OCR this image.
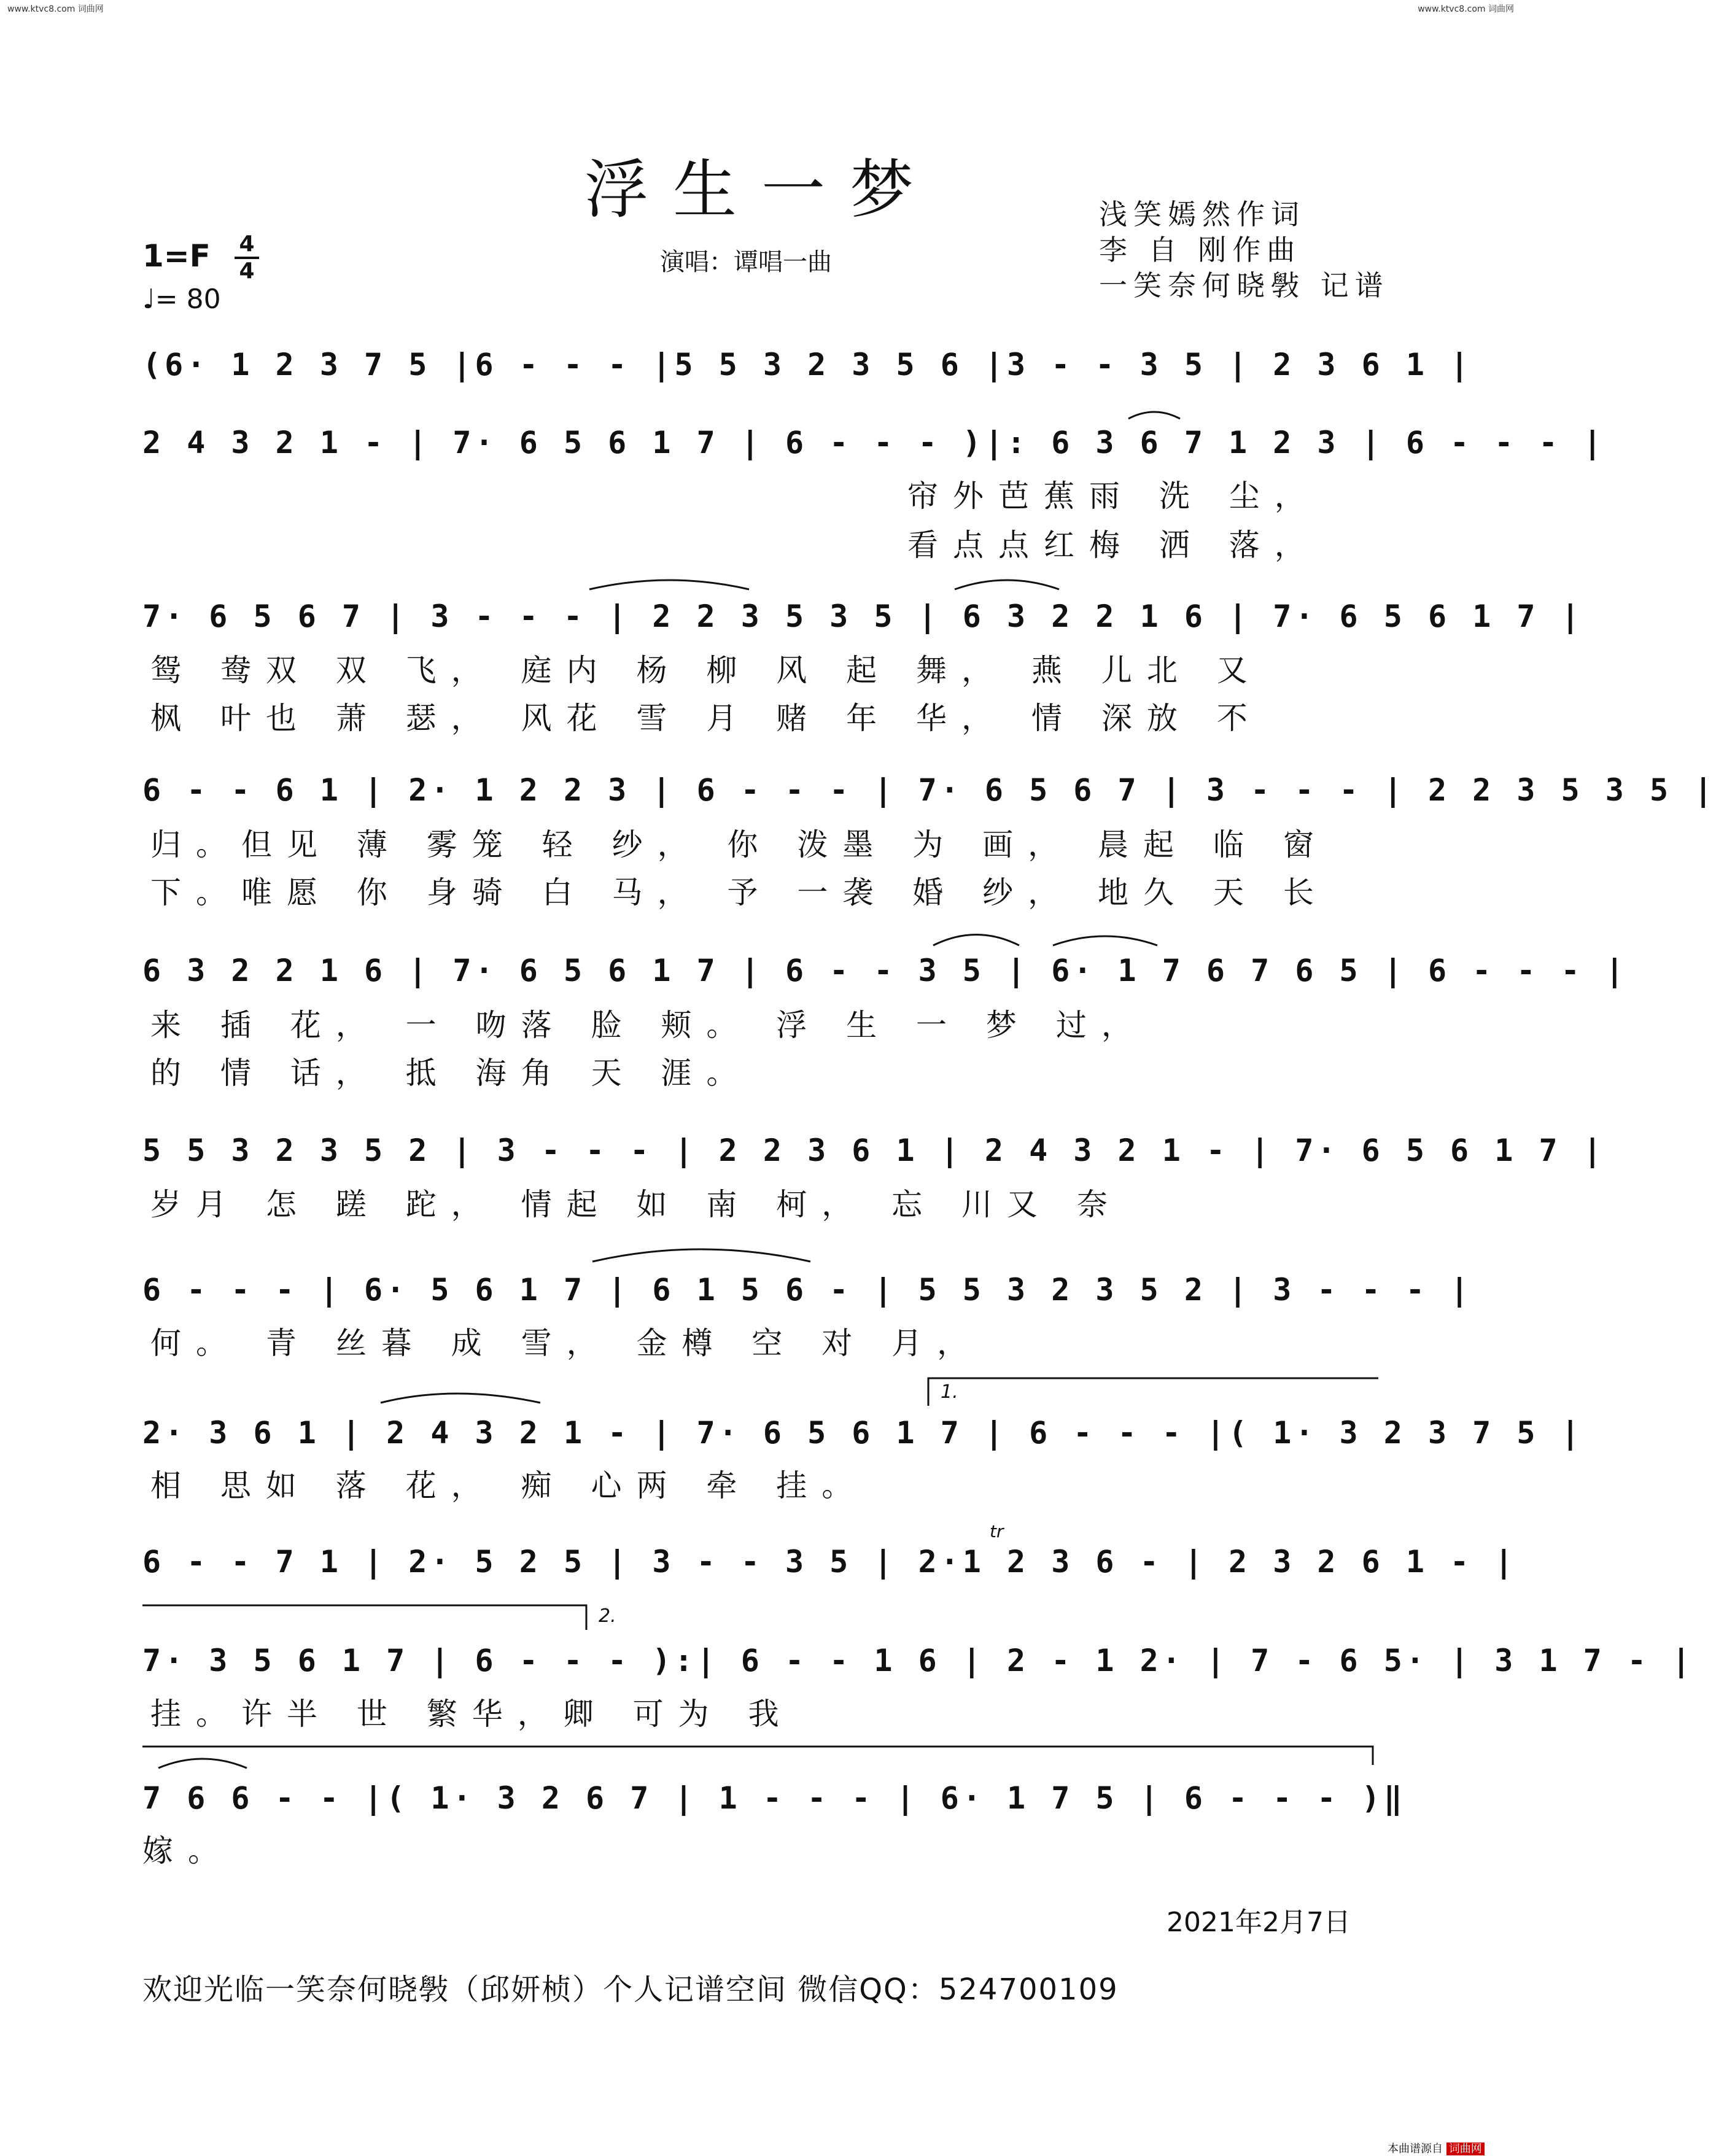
www.ktvc8.com 词曲网	www.ktvc8.com 词曲网
浮生一梦	浅笑嫣然作词
李 自 刚作曲
一笑奈何晓斅 记谱
1=F 4
4
♩= 80
演唱：谭唱一曲
(6· 1 2 3 7 5 |6 - - - |5 5 3 2 3 5 6 |3 - - 3 5 | 2 3 6 1 |
2 4 3 2 1 - | 7· 6 5 6 1 7 | 6 - - - )|: 6 3 6 7 1 2 3 | 6 - - - |
帘外芭蕉雨 洗 尘，
看点点红梅 洒 落，
7· 6 5 6 7 | 3 - - - | 2 2 3 5 3 5 | 6 3 2 2 1 6 | 7· 6 5 6 1 7 |
鸳 鸯双 双 飞， 庭内 杨 柳 风 起 舞， 燕 儿北 又
枫 叶也 萧 瑟， 风花 雪 月 赌 年 华， 情 深放 不
6 - - 6 1 | 2· 1 2 2 3 | 6 - - - | 7· 6 5 6 7 | 3 - - - | 2 2 3 5 3 5 |
归。但见 薄 雾笼 轻 纱， 你 泼墨 为 画， 晨起 临 窗
下。唯愿 你 身骑 白 马， 予 一袭 婚 纱， 地久 天 长
6 3 2 2 1 6 | 7· 6 5 6 1 7 | 6 - - 3 5 | 6· 1 7 6 7 6 5 | 6 - - - |
来 插 花， 一 吻落 脸 颊。 浮 生 一 梦 过，
的 情 话， 抵 海角 天 涯。
5 5 3 2 3 5 2 | 3 - - - | 2 2 3 6 1 | 2 4 3 2 1 - | 7· 6 5 6 1 7 |
岁月 怎 蹉 跎， 情起 如 南 柯， 忘 川又 奈
6 - - - | 6· 5 6 1 7 | 6 1 5 6 - | 5 5 3 2 3 5 2 | 3 - - - |
何。 青 丝暮 成 雪， 金樽 空 对 月，
1.
2· 3 6 1 | 2 4 3 2 1 - | 7· 6 5 6 1 7 | 6 - - - |( 1· 3 2 3 7 5 |
相 思如 落 花， 痴 心两 牵 挂。
tr
6 - - 7 1 | 2· 5 2 5 | 3 - - 3 5 | 2·1 2 3 6 - | 2 3 2 6 1 - |
2.
7· 3 5 6 1 7 | 6 - - - ):| 6 - - 1 6 | 2 - 1 2· | 7 - 6 5· | 3 1 7 - |
挂。许半 世 繁华，卿 可为 我
7 6 6 - - |( 1· 3 2 6 7 | 1 - - - | 6· 1 7 5 | 6 - - - )‖
嫁。
2021年2月7日
欢迎光临一笑奈何晓斅（邱妍桢）个人记谱空间 微信QQ：524700109
本曲谱源自 词曲网
